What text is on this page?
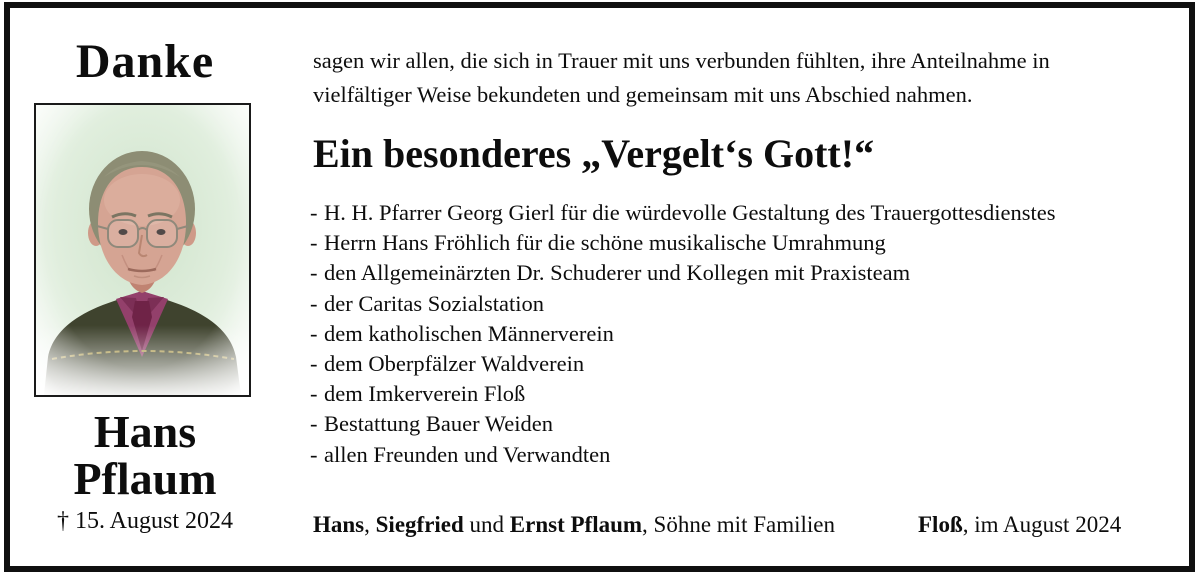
Danke
Hans
Pflaum
† 15. August 2024
sagen wir allen, die sich in Trauer mit uns verbunden fühlten, ihre Anteilnahme in
vielfältiger Weise bekundeten und gemeinsam mit uns Abschied nahmen.
Ein besonderes „Vergelt‘s Gott!“
- H. H. Pfarrer Georg Gierl für die würdevolle Gestaltung des Trauergottesdienstes
- Herrn Hans Fröhlich für die schöne musikalische Umrahmung
- den Allgemeinärzten Dr. Schuderer und Kollegen mit Praxisteam
- der Caritas Sozialstation
- dem katholischen Männerverein
- dem Oberpfälzer Waldverein
- dem Imkerverein Floß
- Bestattung Bauer Weiden
- allen Freunden und Verwandten
Hans, Siegfried und Ernst Pflaum, Söhne mit Familien	Floß, im August 2024
